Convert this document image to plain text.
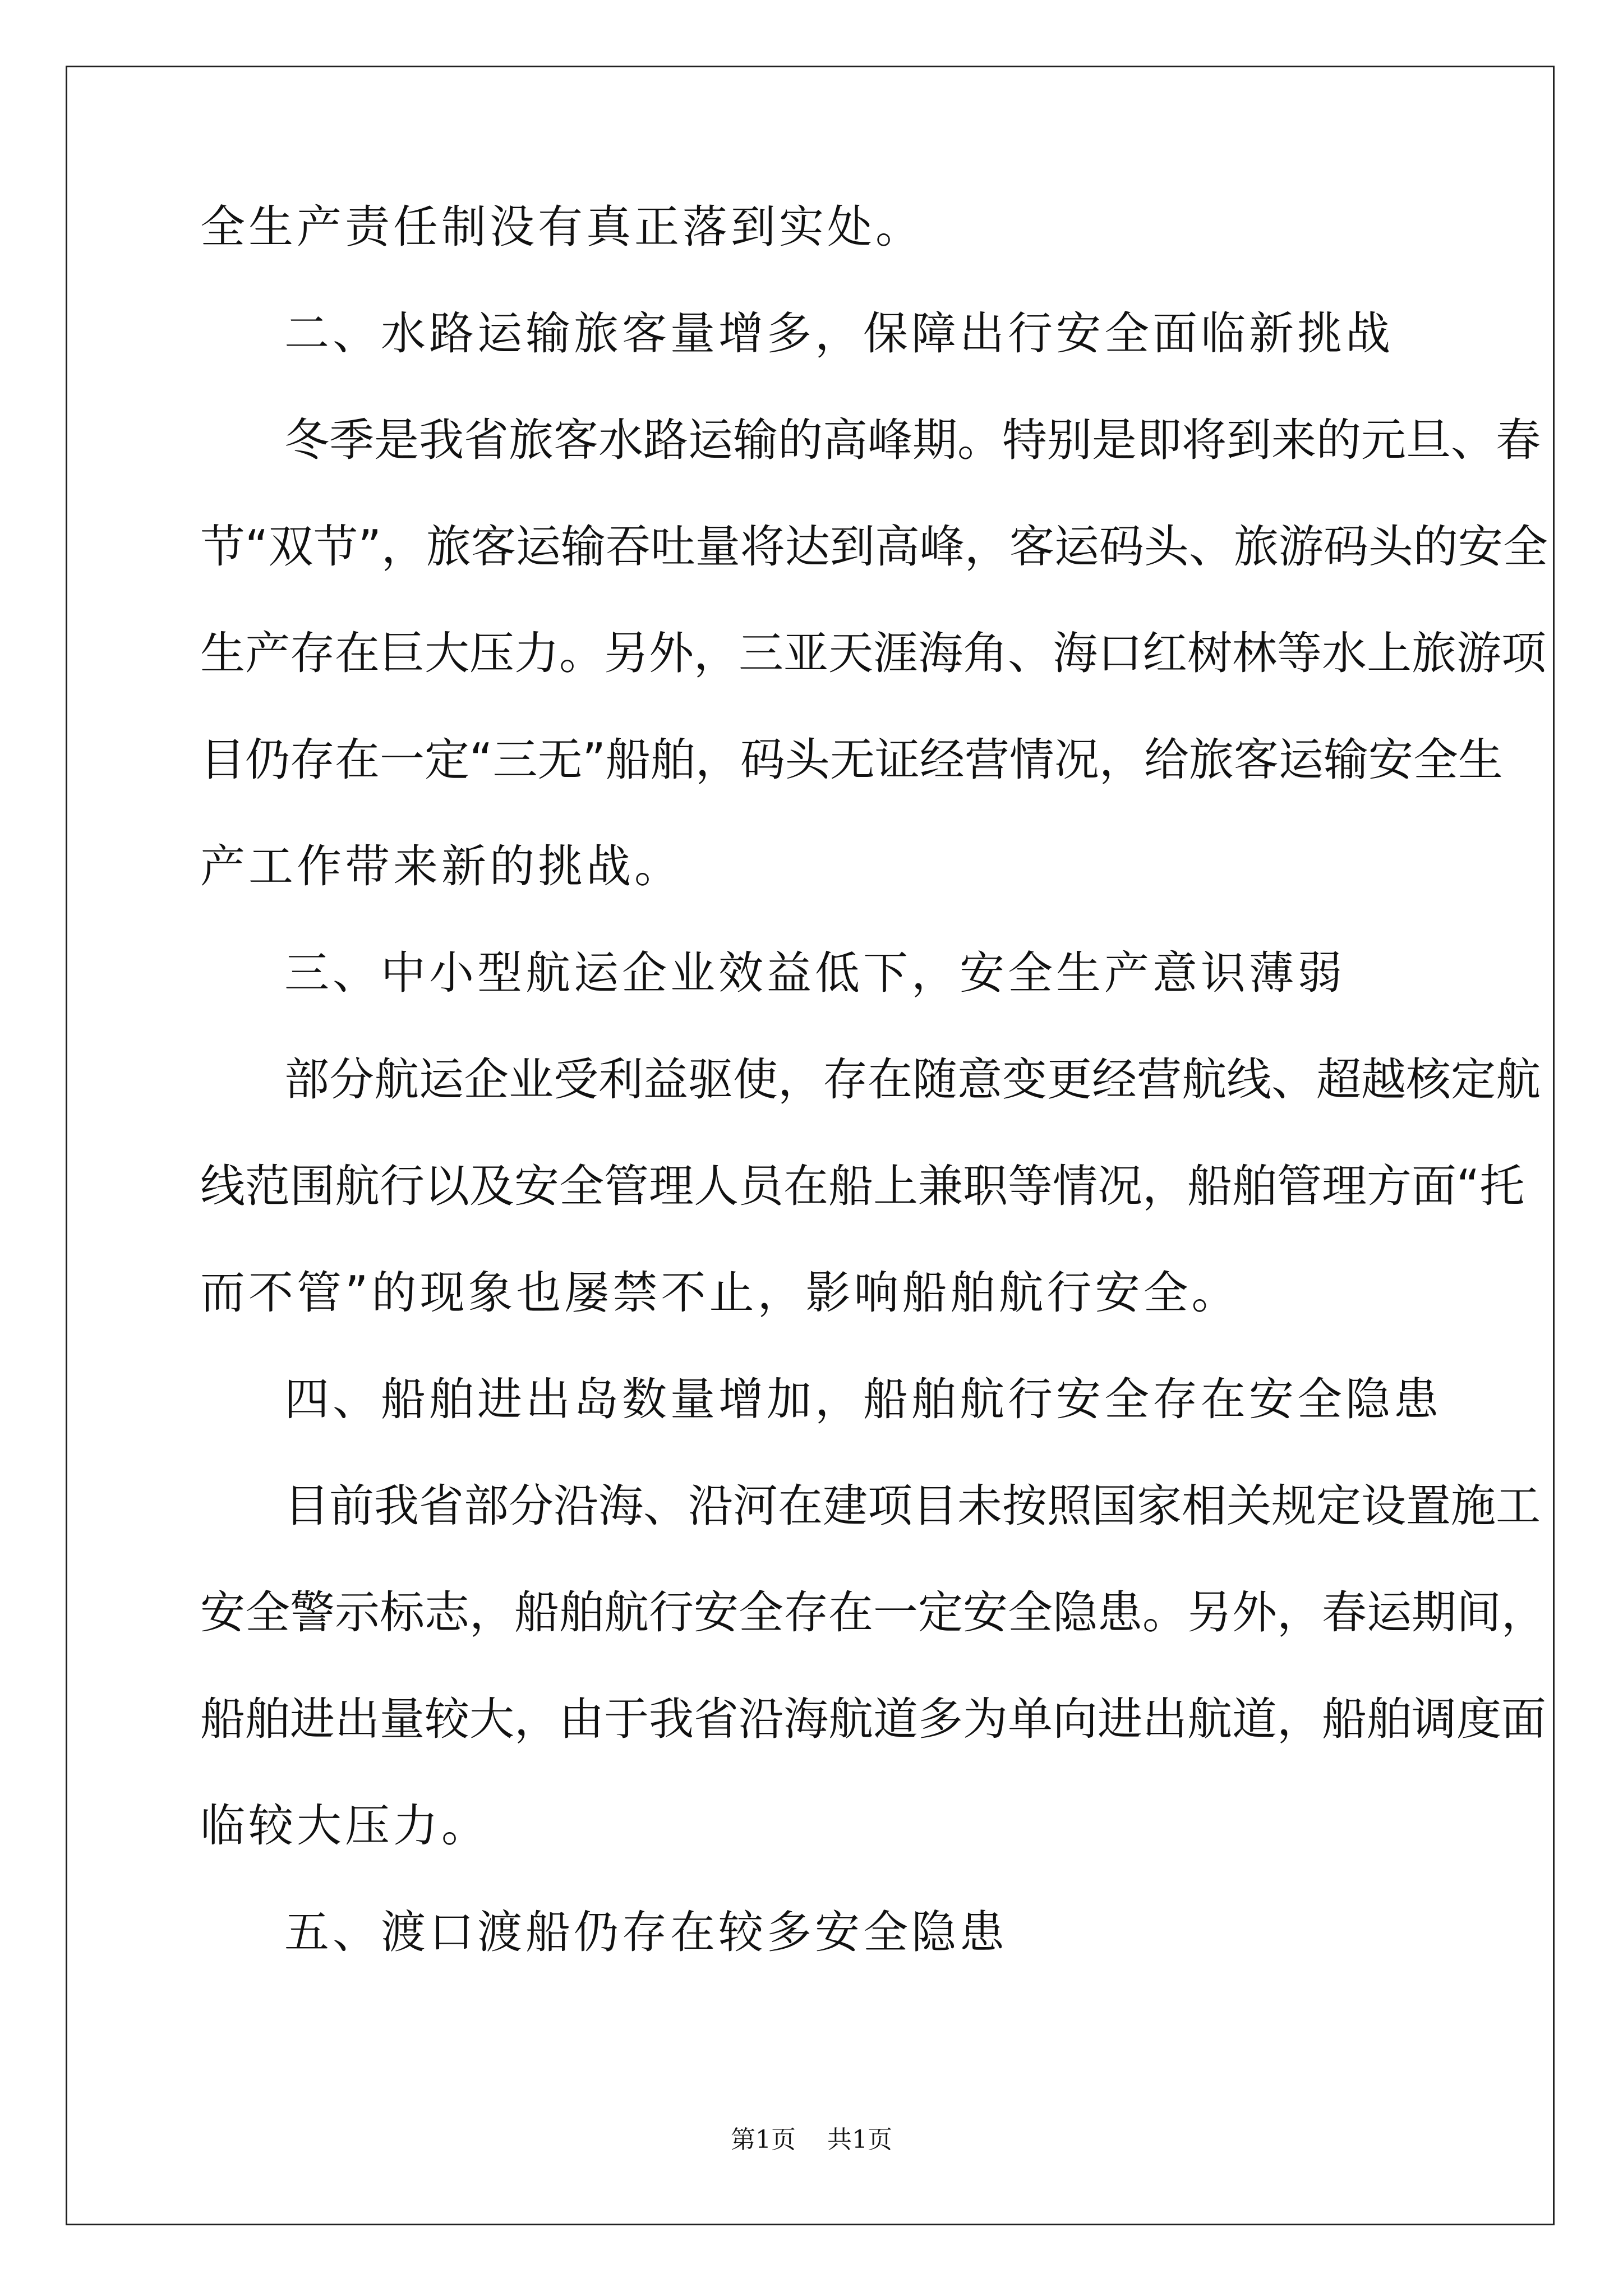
全生产责任制没有真正落到实处。
二、水路运输旅客量增多，保障出行安全面临新挑战
冬季是我省旅客水路运输的高峰期。特别是即将到来的元旦、春
节“双节”，旅客运输吞吐量将达到高峰，客运码头、旅游码头的安全
生产存在巨大压力。另外，三亚天涯海角、海口红树林等水上旅游项
目仍存在一定“三无”船舶，码头无证经营情况，给旅客运输安全生
产工作带来新的挑战。
三、中小型航运企业效益低下，安全生产意识薄弱
部分航运企业受利益驱使，存在随意变更经营航线、超越核定航
线范围航行以及安全管理人员在船上兼职等情况，船舶管理方面“托
而不管”的现象也屡禁不止，影响船舶航行安全。
四、船舶进出岛数量增加，船舶航行安全存在安全隐患
目前我省部分沿海、沿河在建项目未按照国家相关规定设置施工
安全警示标志，船舶航行安全存在一定安全隐患。另外，春运期间，
船舶进出量较大，由于我省沿海航道多为单向进出航道，船舶调度面
临较大压力。
五、渡口渡船仍存在较多安全隐患
第1页 共1页
